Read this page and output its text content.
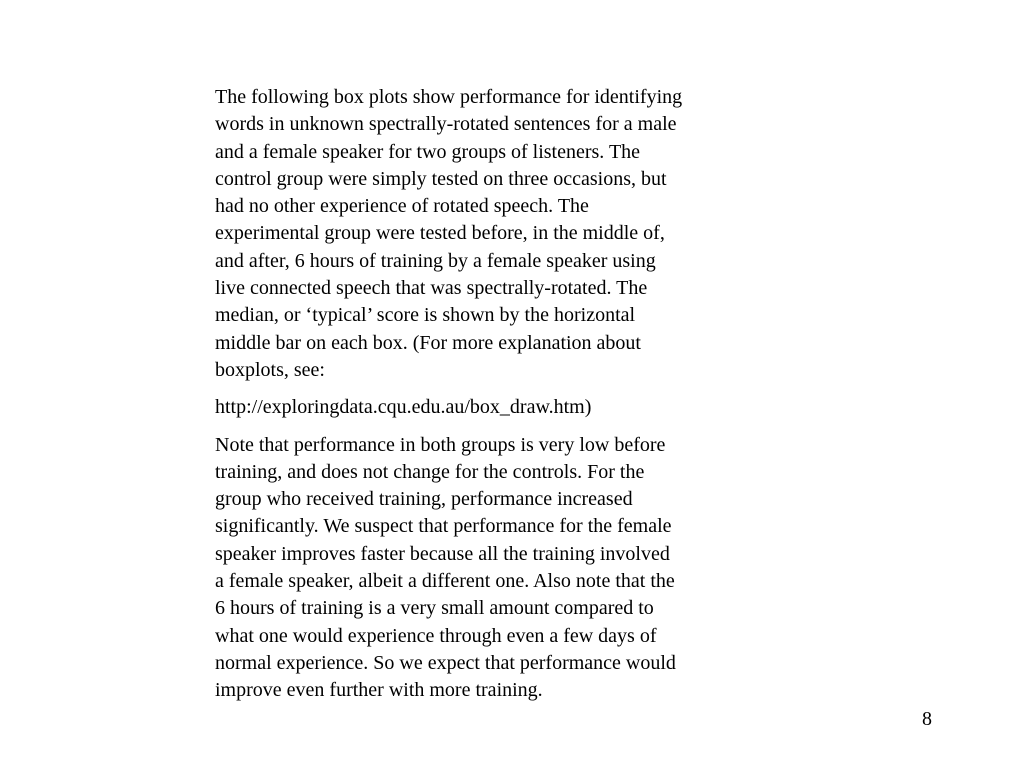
The following box plots show performance for identifying
words in unknown spectrally-rotated sentences for a male
and a female speaker for two groups of listeners. The
control group were simply tested on three occasions, but
had no other experience of rotated speech. The
experimental group were tested before, in the middle of,
and after, 6 hours of training by a female speaker using
live connected speech that was spectrally-rotated. The
median, or ‘typical’ score is shown by the horizontal
middle bar on each box. (For more explanation about
boxplots, see:

http://exploringdata.cqu.edu.au/box_draw.htm)

Note that performance in both groups is very low before
training, and does not change for the controls. For the
group who received training, performance increased
significantly. We suspect that performance for the female
speaker improves faster because all the training involved
a female speaker, albeit a different one. Also note that the
6 hours of training is a very small amount compared to
what one would experience through even a few days of
normal experience. So we expect that performance would
improve even further with more training.

8
